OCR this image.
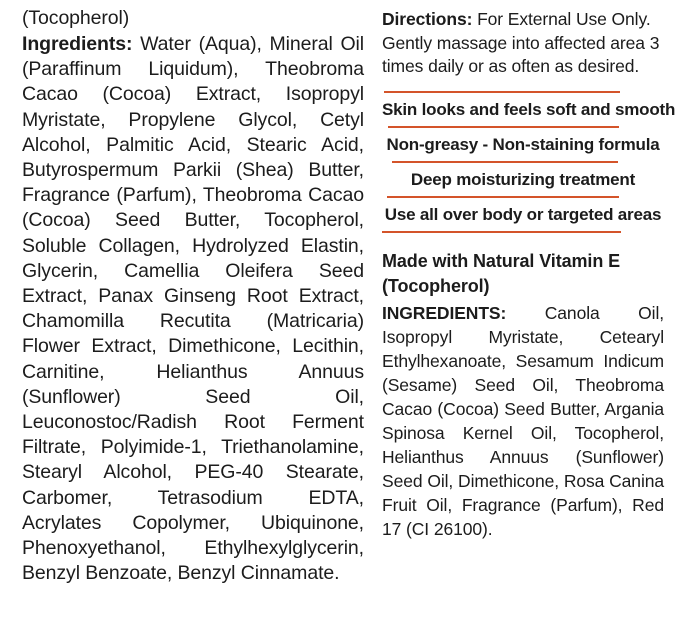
(Tocopherol)

Ingredients: Water (Aqua), Mineral Oil (Paraffinum Liquidum), Theobroma Cacao (Cocoa) Extract, Isopropyl Myristate, Propylene Glycol, Cetyl Alcohol, Palmitic Acid, Stearic Acid, Butyrospermum Parkii (Shea) Butter, Fragrance (Parfum), Theobroma Cacao (Cocoa) Seed Butter, Tocopherol, Soluble Collagen, Hydrolyzed Elastin, Glycerin, Camellia Oleifera Seed Extract, Panax Ginseng Root Extract, Chamomilla Recutita (Matricaria) Flower Extract, Dimethicone, Lecithin, Carnitine, Helianthus Annuus (Sunflower) Seed Oil, Leuconostoc/Radish Root Ferment Filtrate, Polyimide-1, Triethanolamine, Stearyl Alcohol, PEG-40 Stearate, Carbomer, Tetrasodium EDTA, Acrylates Copolymer, Ubiquinone, Phenoxyethanol, Ethylhexylglycerin, Benzyl Benzoate, Benzyl Cinnamate.

Directions: For External Use Only. Gently massage into affected area 3 times daily or as often as desired.

Skin looks and feels soft and smooth
Non-greasy - Non-staining formula
Deep moisturizing treatment
Use all over body or targeted areas

Made with Natural Vitamin E (Tocopherol)

INGREDIENTS: Canola Oil, Isopropyl Myristate, Cetearyl Ethylhexanoate, Sesamum Indicum (Sesame) Seed Oil, Theobroma Cacao (Cocoa) Seed Butter, Argania Spinosa Kernel Oil, Tocopherol, Helianthus Annuus (Sunflower) Seed Oil, Dimethicone, Rosa Canina Fruit Oil, Fragrance (Parfum), Red 17 (CI 26100).
